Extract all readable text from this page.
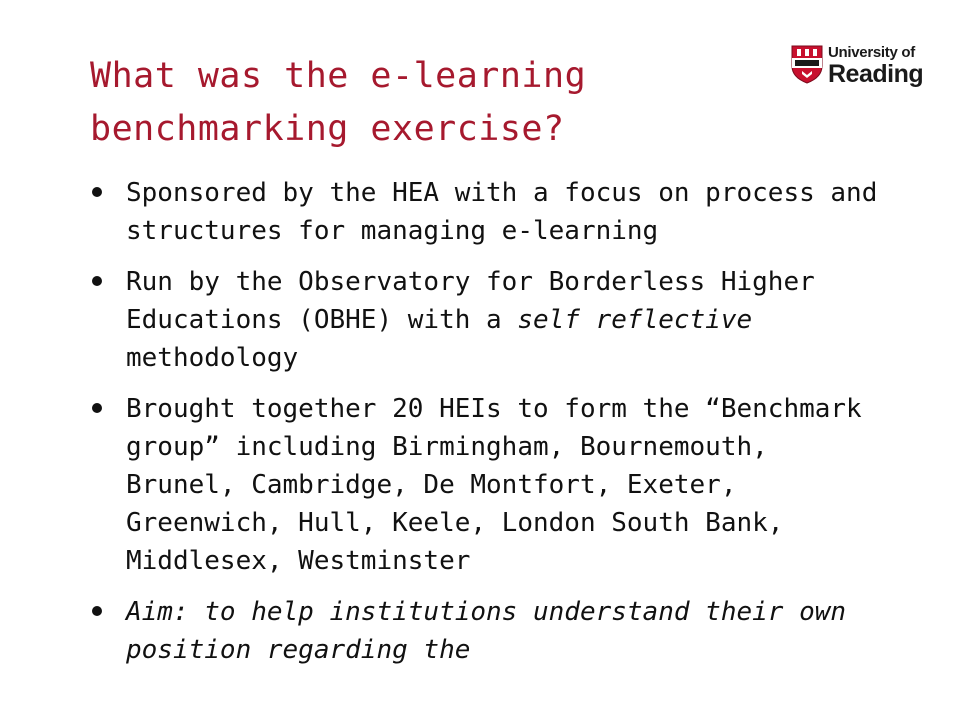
What was the e-learning
benchmarking exercise?
University of
Reading
Sponsored by the HEA with a focus on process and structures for managing e-learning
Run by the Observatory for Borderless Higher Educations (OBHE) with a self reflective methodology
Brought together 20 HEIs to form the “Benchmark group” including Birmingham, Bournemouth, Brunel, Cambridge, De Montfort, Exeter, Greenwich, Hull, Keele, London South Bank, Middlesex, Westminster
Aim: to help institutions understand their own position regarding the
